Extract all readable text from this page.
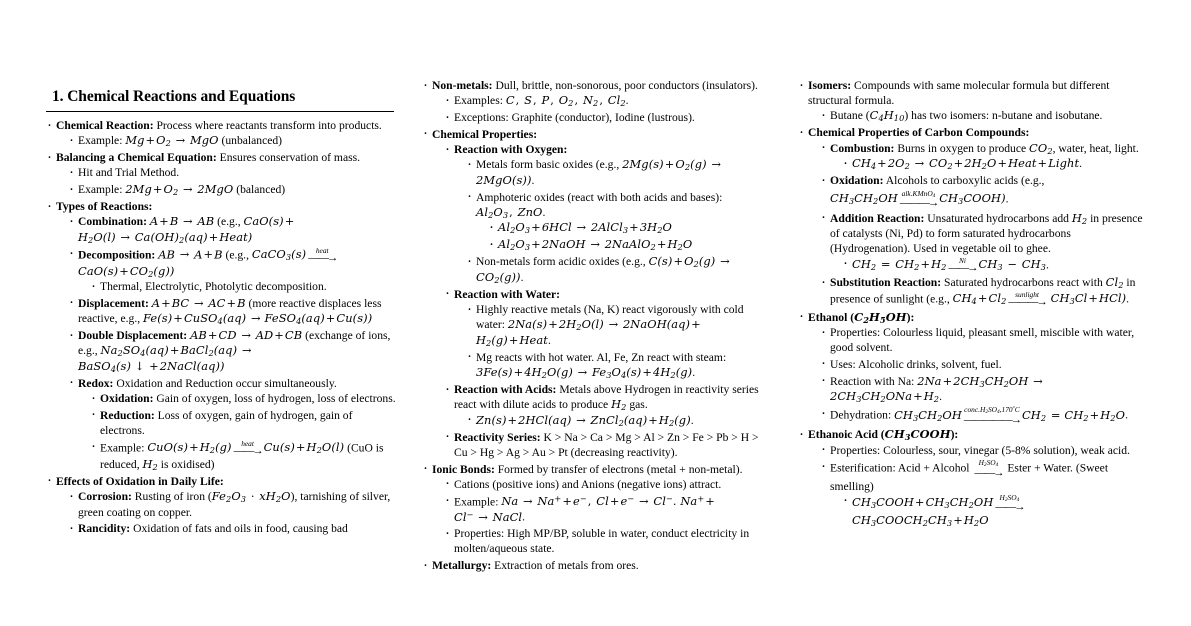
1. Chemical Reactions and Equations
· Chemical Reaction: Process where reactants transform into products.
· Example: $Mg+O_2$ → MgO (unbalanced)
· Balancing a Chemical Equation: Ensures conservation of mass.
· Hit and Trial Method.
· Example: $2Mg+O_2 \to 2MgO$ (balanced)
· Types of Reactions:
· Combination: A+B → AB (e.g., $CaO(s)+ H_2O(l)$ → $Ca(OH)_2(aq)+Heat$)
· Decomposition: AB → A+B (e.g., CaCO$_3$(s)	heat
——→
$CaO(s)+CO_2(g)$)
· Thermal, Electrolytic, Photolytic decomposition.
· Displacement: A+BC → AC+B (more reactive displaces less reactive, e.g., Fe(s)+CuSO$_4$(aq) → FeSO$_4$(aq)+Cu(s))
· Double Displacement: AB+CD → AD+CB (exchange of ions, e.g., $Na_2SO_4(aq)+BaCl_2(aq)$ → BaSO$_4$(s) ↓ +2NaCl(aq))
· Redox: Oxidation and Reduction occur simultaneously.
· Oxidation: Gain of oxygen, loss of hydrogen, loss of electrons.
· Reduction: Loss of oxygen, gain of hydrogen, gain of electrons.
· Example: $CuO(s)+H_2(g)$	heat
——→ $Cu(s)+H_2O(l)$ (CuO is reduced, $H_2$ is oxidised)
· Effects of Oxidation in Daily Life:
· Corrosion: Rusting of iron $(Fe_2O_3 \cdot xH_2O)$, tarnishing of silver, green coating on copper.
· Rancidity: Oxidation of fats and oils in food, causing bad
· Non-metals: Dull, brittle, non-sonorous, poor conductors (insulators).
· Examples: C, S, P, $O_2$, $N_2$, $Cl_2$.
· Exceptions: Graphite (conductor), Iodine (lustrous).
· Chemical Properties:
· Reaction with Oxygen:
· Metals form basic oxides (e.g., $2Mg(s)+O_2(g) \to 2MgO(s)$).
· Amphoteric oxides (react with both acids and bases): $Al_2O_3$, ZnO.
· $Al_2O_3+6HCl$ → $2AlCl_3+3H_2O$
· $Al_2O_3+2NaOH$ → $2NaAlO_2+H_2O$
· Non-metals form acidic oxides (e.g., $C(s)+O_2(g) \to CO_2(g)$).
· Reaction with Water:
· Highly reactive metals (Na, K) react vigorously with cold water: $2Na(s)+2H_2O(l)$ → 2NaOH(aq)+ $H_2(g)+Heat$.
· Mg reacts with hot water. Al, Fe, Zn react with steam: $3Fe(s)+4H_2O(g) \to Fe_3O_4(s)+4H_2(g)$.
· Reaction with Acids: Metals above Hydrogen in reactivity series react with dilute acids to produce $H_2$ gas.
· $Zn(s)+2HCl(aq) \to ZnCl_2(aq)+H_2(g)$.
· Reactivity Series: K > Na > Ca > Mg > Al > Zn > Fe > Pb > H > Cu > Hg > Ag > Au > Pt (decreasing reactivity).
· Ionic Bonds: Formed by transfer of electrons (metal + non-metal).
· Cations (positive ions) and Anions (negative ions) attract.
· Example: Na → Na++e−, Cl+e− → Cl−. Na++ Cl− → NaCl.
· Properties: High MP/BP, soluble in water, conduct electricity in molten/aqueous state.
· Metallurgy: Extraction of metals from ores.
· Isomers: Compounds with same molecular formula but different structural formula.
· Butane $(C_4H_{10})$ has two isomers: n-butane and isobutane.
· Chemical Properties of Carbon Compounds:
· Combustion: Burns in oxygen to produce $CO_2$, water, heat, light.
· $CH_4+2O_2$ → $CO_2+2H_2O+Heat+Light$.
· Oxidation: Alcohols to carboxylic acids (e.g.,
$CH_3CH_2OH$ alk.KMnO$_4$
———→ $CH_3COOH$).
· Addition Reaction: Unsaturated hydrocarbons add $H_2$ in presence of catalysts (Ni, Pd) to form saturated hydrocarbons (Hydrogenation). Used in vegetable oil to ghee.
· $CH_2 = CH_2+H_2$
Ni
——→ $CH_3 - CH_3$.
· Substitution Reaction: Saturated hydrocarbons react with $Cl_2$ in presence of sunlight (e.g., $CH_4+Cl_2$
sunlight
———→ $CH_3Cl+HCl$).
· Ethanol $(C_2H_5OH)$:
· Properties: Colourless liquid, pleasant smell, miscible with water, good solvent.
· Uses: Alcoholic drinks, solvent, fuel.
· Reaction with Na: $2Na+2CH_3CH_2OH \to 2CH_3CH_2ONa+H_2$.
· Dehydration: $CH_3CH_2OH$ $conc.H_2SO_4,170^\circ C$
—————→ $CH_2 = CH_2+H_2O$.
· Ethanoic Acid $(CH_3COOH)$:
· Properties: Colourless, sour, vinegar (5-8% solution), weak acid.
· Esterification: Acid + Alcohol $H_2SO_4$
——→ Ester + Water. (Sweet smelling)
· $CH_3COOH+CH_3CH_2OH$ $H_2SO_4$
——→
$CH_3COOCH_2CH_3+H_2O$
